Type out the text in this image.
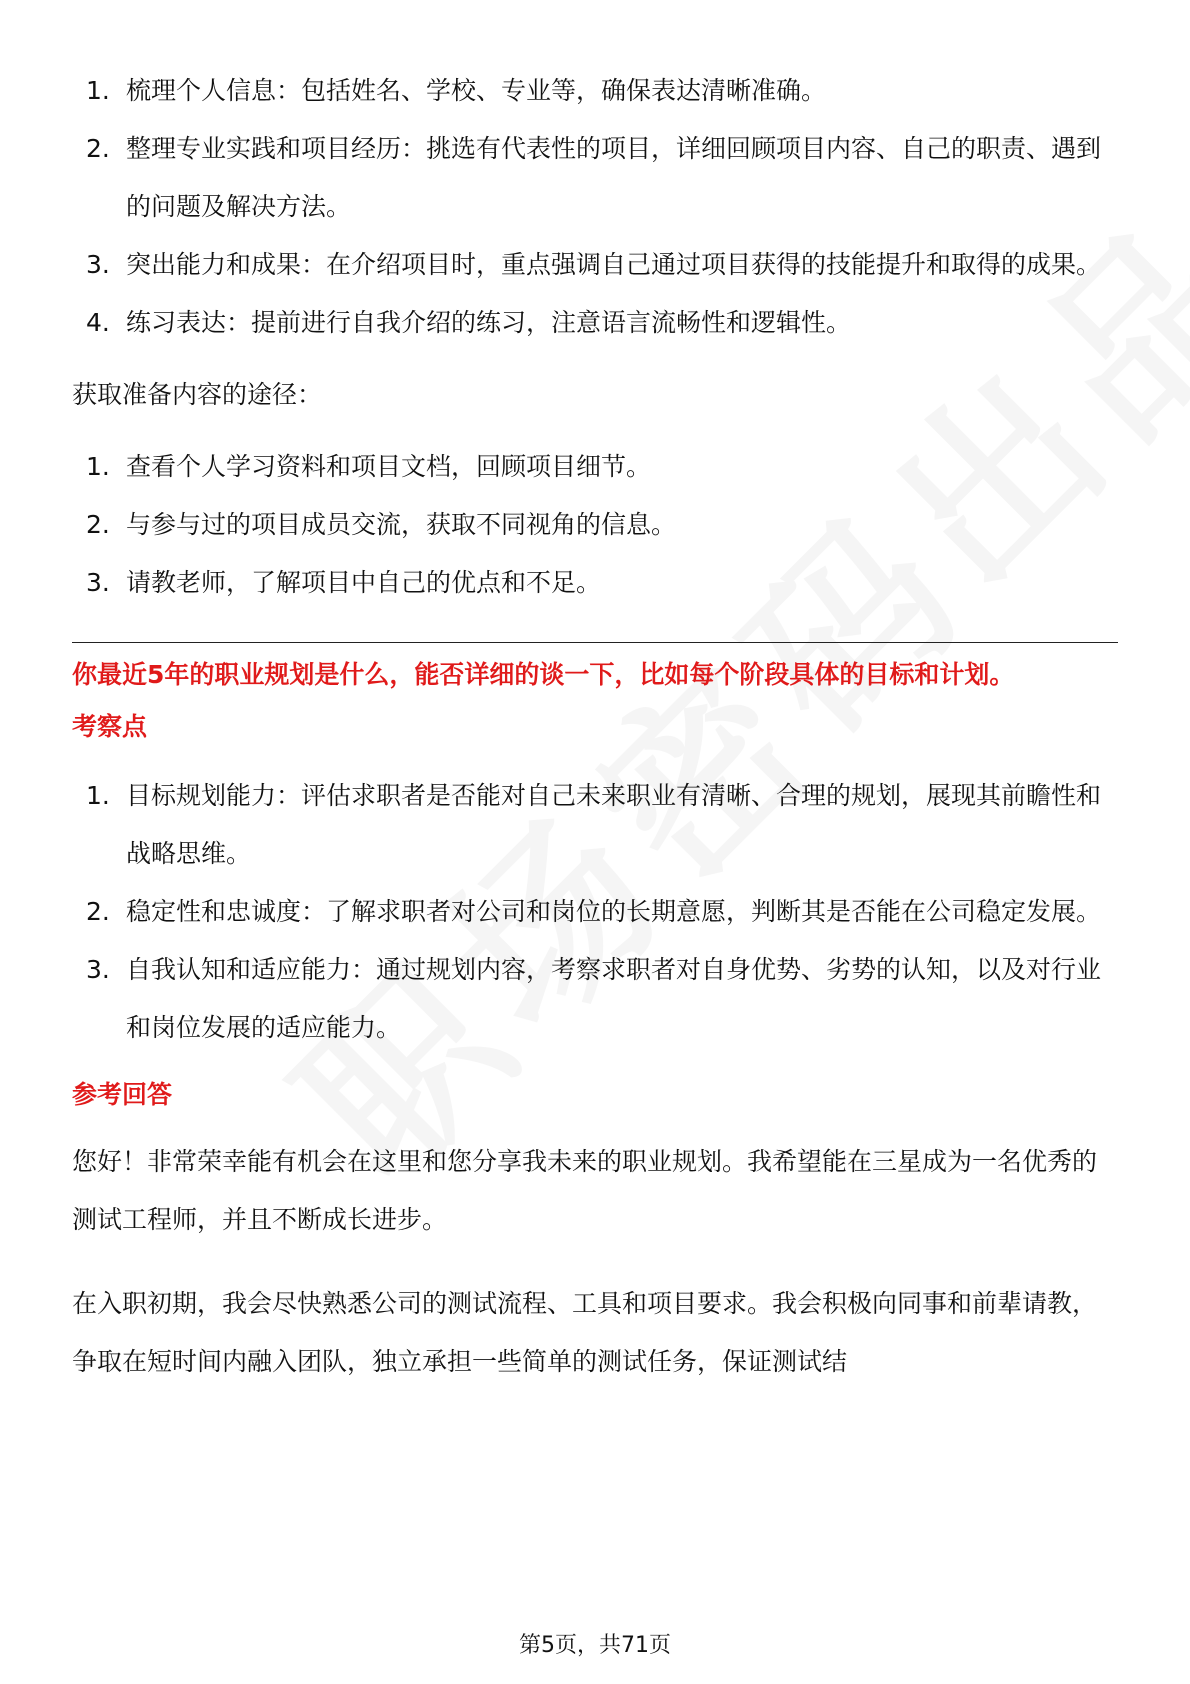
1. 梳理个人信息：包括姓名、学校、专业等，确保表达清晰准确。
2. 整理专业实践和项目经历：挑选有代表性的项目，详细回顾项目内容、自己的职责、遇到的问题及解决方法。
3. 突出能力和成果：在介绍项目时，重点强调自己通过项目获得的技能提升和取得的成果。
4. 练习表达：提前进行自我介绍的练习，注意语言流畅性和逻辑性。

获取准备内容的途径：

1. 查看个人学习资料和项目文档，回顾项目细节。
2. 与参与过的项目成员交流，获取不同视角的信息。
3. 请教老师，了解项目中自己的优点和不足。

你最近5年的职业规划是什么，能否详细的谈一下，比如每个阶段具体的目标和计划。

考察点

1. 目标规划能力：评估求职者是否能对自己未来职业有清晰、合理的规划，展现其前瞻性和战略思维。
2. 稳定性和忠诚度：了解求职者对公司和岗位的长期意愿，判断其是否能在公司稳定发展。
3. 自我认知和适应能力：通过规划内容，考察求职者对自身优势、劣势的认知，以及对行业和岗位发展的适应能力。

参考回答

您好！非常荣幸能有机会在这里和您分享我未来的职业规划。我希望能在三星成为一名优秀的测试工程师，并且不断成长进步。

在入职初期，我会尽快熟悉公司的测试流程、工具和项目要求。我会积极向同事和前辈请教，争取在短时间内融入团队，独立承担一些简单的测试任务，保证测试结

第5页，共71页
